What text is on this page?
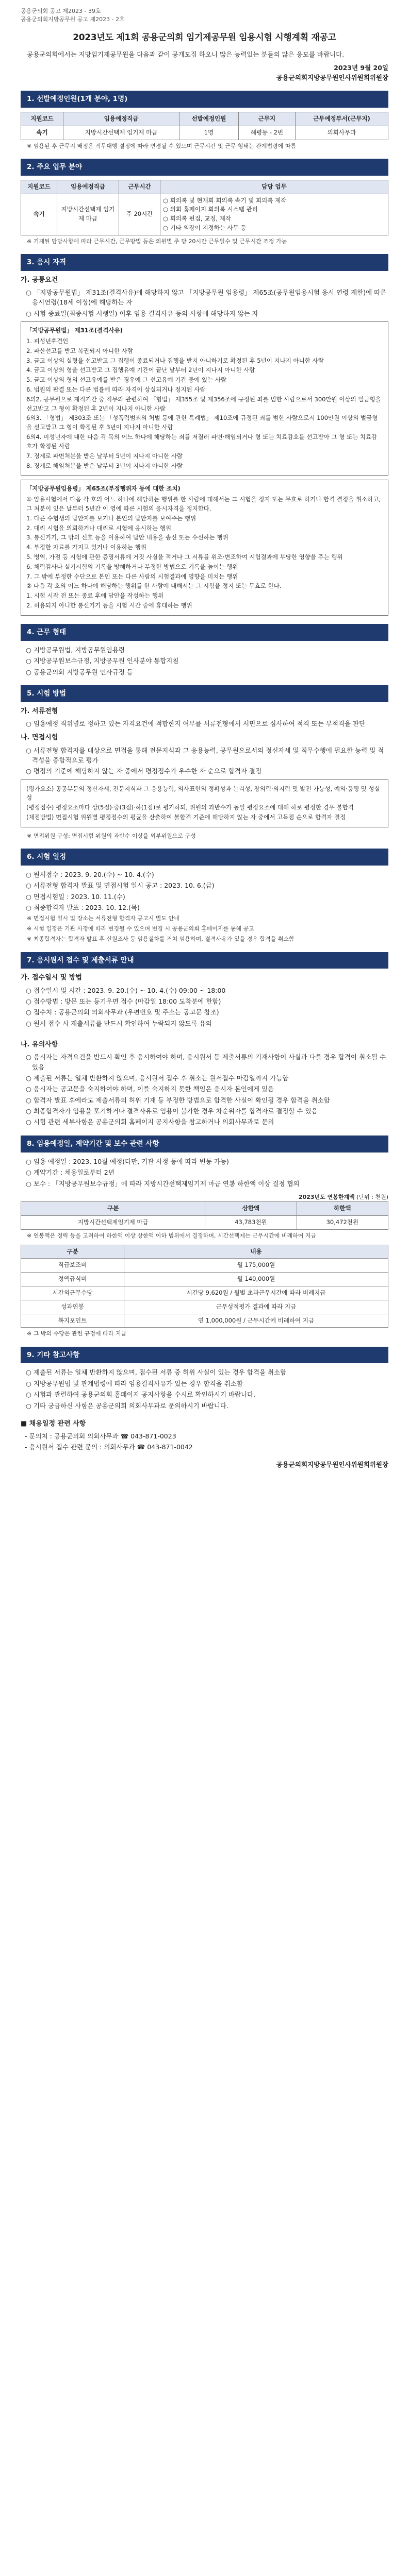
공용군의회 공고 제2023 - 39호
공용군의회지방공무원 공고 제2023 - 2호
2023년도 제1회 공용군의회 임기제공무원 임용시험 시행계획 재공고
공용군의회에서는 지방임기제공무원을 다음과 같이 공개모집 하오니 많은 능력있는 분들의 많은 응모를 바랍니다.
2023년 9월 20일
공용군의회지방공무원인사위원회위원장
1. 선발예정인원(1개 분야, 1명)
지원코드	임용예정직급	선발예정인원	근무지	근무예정부서(근무지)
속기	지방시간선택제 임기제 마급	1명	해평동 - 2번	의회사무과
※ 임용된 후 근무지 배정은 직무대행 결정에 따라 변경될 수 있으며 근무시간 및 근무 형태는 관계법령에 따름
2. 주요 업무 분야
지원코드	임용예정직급	근무시간	담당 업무
속기	지방시간선택제 임기제 마급	주 20시간	○ 회의록 및 현재회 회의록 속기 및 회의록 제작
○ 의회 홈페이지 회의록 시스템 관리
○ 회의록 편집, 교정, 제작
○ 기타 의장이 지정하는 사무 등
※ 기재된 담당사항에 따라 근무시간, 근무방법 등은 의원별 주 당 20시간 근무일수 및 근무시간 조정 가능
3. 응시 자격
가. 공통요건
○ 「지방공무원법」 제31조(결격사유)에 해당하지 않고 「지방공무원 임용령」 제65조(공무원임용시험 응시 연령 제한)에 따른 응시연령(18세 이상)에 해당하는 자
○ 시험 종료일(최종시험 시행일) 이후 임용 결격사유 등의 사항에 해당하지 않는 자
「지방공무원법」 제31조(결격사유)
1. 피성년후견인
2. 파산선고를 받고 복권되지 아니한 사람
3. 금고 이상의 실형을 선고받고 그 집행이 종료되거나 집행을 받지 아니하기로 확정된 후 5년이 지나지 아니한 사람
4. 금고 이상의 형을 선고받고 그 집행유예 기간이 끝난 날부터 2년이 지나지 아니한 사람
5. 금고 이상의 형의 선고유예를 받은 경우에 그 선고유예 기간 중에 있는 사람
6. 법원의 판결 또는 다른 법률에 따라 자격이 상실되거나 정지된 사람
6의2. 공무원으로 재직기간 중 직무와 관련하여 「형법」 제355조 및 제356조에 규정된 죄를 범한 사람으로서 300만원 이상의 벌금형을 선고받고 그 형이 확정된 후 2년이 지나지 아니한 사람
6의3. 「형법」 제303조 또는 「성폭력범죄의 처벌 등에 관한 특례법」 제10조에 규정된 죄를 범한 사람으로서 100만원 이상의 벌금형을 선고받고 그 형이 확정된 후 3년이 지나지 아니한 사람
6의4. 미성년자에 대한 다음 각 목의 어느 하나에 해당하는 죄를 저질러 파면·해임되거나 형 또는 치료감호를 선고받아 그 형 또는 치료감호가 확정된 사람
7. 징계로 파면처분을 받은 날부터 5년이 지나지 아니한 사람
8. 징계로 해임처분을 받은 날부터 3년이 지나지 아니한 사람
「지방공무원임용령」 제65조(부정행위자 등에 대한 조치)
① 임용시험에서 다음 각 호의 어느 하나에 해당하는 행위를 한 사람에 대해서는 그 시험을 정지 또는 무효로 하거나 합격 결정을 취소하고, 그 처분이 있은 날부터 5년간 이 영에 따른 시험의 응시자격을 정지한다.
1. 다른 수험생의 답안지를 보거나 본인의 답안지를 보여주는 행위
2. 대리 시험을 의뢰하거나 대리로 시험에 응시하는 행위
3. 통신기기, 그 밖의 신호 등을 이용하여 답안 내용을 송신 또는 수신하는 행위
4. 부정한 자료를 가지고 있거나 이용하는 행위
5. 병역, 가점 등 시험에 관한 증명서류에 거짓 사실을 적거나 그 서류를 위조·변조하여 시험결과에 부당한 영향을 주는 행위
6. 체력검사나 실기시험의 기록을 방해하거나 부정한 방법으로 기록을 높이는 행위
7. 그 밖에 부정한 수단으로 본인 또는 다른 사람의 시험결과에 영향을 미치는 행위
② 다음 각 호의 어느 하나에 해당하는 행위를 한 사람에 대해서는 그 시험을 정지 또는 무효로 한다.
1. 시험 시작 전 또는 종료 후에 답안을 작성하는 행위
2. 허용되지 아니한 통신기기 등을 시험 시간 중에 휴대하는 행위
4. 근무 형태
○ 지방공무원법, 지방공무원임용령
○ 지방공무원보수규정, 지방공무원 인사분야 통합지침
○ 공용군의회 지방공무원 인사규정 등
5. 시험 방법
가. 서류전형
○ 임용예정 직위별로 정하고 있는 자격요건에 적합한지 여부를 서류전형에서 서면으로 심사하여 적격 또는 부적격을 판단
나. 면접시험
○ 서류전형 합격자를 대상으로 면접을 통해 전문지식과 그 응용능력, 공무원으로서의 정신자세 및 직무수행에 필요한 능력 및 적격성을 종합적으로 평가
○ 평정의 기준에 해당하지 않는 자 중에서 평정점수가 우수한 자 순으로 합격자 결정
(평가요소) 공공부문의 정신자세, 전문지식과 그 응용능력, 의사표현의 정확성과 논리성, 창의력·의지력 및 발전 가능성, 예의·품행 및 성실성
(평정점수) 평정요소마다 상(5점)·중(3점)·하(1점)로 평가하되, 위원의 과반수가 동일 평정요소에 대해 하로 평정한 경우 불합격
(채점방법) 면접시험 위원별 평정점수의 평균을 산출하여 불합격 기준에 해당하지 않는 자 중에서 고득점 순으로 합격자 결정
※ 면접위원 구성: 면접시험 위원의 과반수 이상을 외부위원으로 구성
6. 시험 일정
○ 원서접수 : 2023. 9. 20.(수) ~ 10. 4.(수)
○ 서류전형 합격자 발표 및 면접시험 일시 공고 : 2023. 10. 6.(금)
○ 면접시험일 : 2023. 10. 11.(수)
○ 최종합격자 발표 : 2023. 10. 12.(목)
※ 면접시험 일시 및 장소는 서류전형 합격자 공고시 별도 안내
※ 시험 일정은 기관 사정에 따라 변경될 수 있으며 변경 시 공용군의회 홈페이지를 통해 공고
※ 최종합격자는 합격자 발표 후 신원조사 등 임용절차를 거쳐 임용하며, 결격사유가 있을 경우 합격을 취소함
7. 응시원서 접수 및 제출서류 안내
가. 접수일시 및 방법
○ 접수일시 및 시간 : 2023. 9. 20.(수) ~ 10. 4.(수) 09:00 ~ 18:00
○ 접수방법 : 방문 또는 등기우편 접수 (마감일 18:00 도착분에 한함)
○ 접수처 : 공용군의회 의회사무과 (우편번호 및 주소는 공고문 참조)
○ 원서 접수 시 제출서류를 반드시 확인하여 누락되지 않도록 유의
나. 유의사항
○ 응시자는 자격요건을 반드시 확인 후 응시하여야 하며, 응시원서 등 제출서류의 기재사항이 사실과 다를 경우 합격이 취소될 수 있음
○ 제출된 서류는 일체 반환하지 않으며, 응시원서 접수 후 취소는 원서접수 마감일까지 가능함
○ 응시자는 공고문을 숙지하여야 하며, 이를 숙지하지 못한 책임은 응시자 본인에게 있음
○ 합격자 발표 후에라도 제출서류의 허위 기재 등 부정한 방법으로 합격한 사실이 확인될 경우 합격을 취소함
○ 최종합격자가 임용을 포기하거나 결격사유로 임용이 불가한 경우 차순위자를 합격자로 결정할 수 있음
○ 시험 관련 세부사항은 공용군의회 홈페이지 공지사항을 참고하거나 의회사무과로 문의
8. 임용예정일, 계약기간 및 보수 관련 사항
○ 임용 예정일 : 2023. 10월 예정(다만, 기관 사정 등에 따라 변동 가능)
○ 계약기간 : 채용일로부터 2년
○ 보수 : 「지방공무원보수규정」에 따라 지방시간선택제임기제 마급 연봉 하한액 이상 결정 협의
2023년도 연봉한계액 (단위 : 천원)
구분	상한액	하한액
지방시간선택제임기제 마급	43,783천원	30,472천원
※ 연봉액은 경력 등을 고려하여 하한액 이상 상한액 이하 범위에서 결정하며, 시간선택제는 근무시간에 비례하여 지급
구분	내용
직급보조비	월 175,000원
정액급식비	월 140,000원
시간외근무수당	시간당 9,620원 / 월별 초과근무시간에 따라 비례지급
성과연봉	근무성적평가 결과에 따라 지급
복지포인트	연 1,000,000원 / 근무시간에 비례하여 지급
※ 그 밖의 수당은 관련 규정에 따라 지급
9. 기타 참고사항
○ 제출된 서류는 일체 반환하지 않으며, 접수된 서류 중 허위 사실이 있는 경우 합격을 취소함
○ 지방공무원법 및 관계법령에 따라 임용결격사유가 있는 경우 합격을 취소함
○ 시험과 관련하여 공용군의회 홈페이지 공지사항을 수시로 확인하시기 바랍니다.
○ 기타 궁금하신 사항은 공용군의회 의회사무과로 문의하시기 바랍니다.
■ 채용일정 관련 사항
- 문의처 : 공용군의회 의회사무과 ☎ 043-871-0023
- 응시원서 접수 관련 문의 : 의회사무과 ☎ 043-871-0042
공용군의회지방공무원인사위원회위원장
